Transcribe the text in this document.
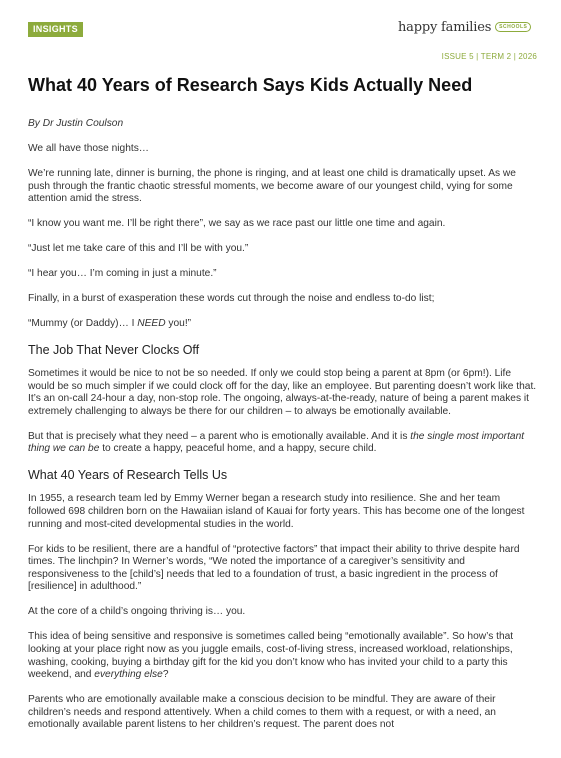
INSIGHTS	happy families	SCHOOLS
ISSUE 5 | TERM 2 | 2026
What 40 Years of Research Says Kids Actually Need

By Dr Justin Coulson

We all have those nights…

We’re running late, dinner is burning, the phone is ringing, and at least one child is dramatically upset. As we push through the frantic chaotic stressful moments, we become aware of our youngest child, vying for some attention amid the stress.

“I know you want me. I’ll be right there”, we say as we race past our little one time and again.

“Just let me take care of this and I’ll be with you.”

“I hear you… I’m coming in just a minute.”

Finally, in a burst of exasperation these words cut through the noise and endless to-do list;

“Mummy (or Daddy)… I NEED you!”

The Job That Never Clocks Off

Sometimes it would be nice to not be so needed. If only we could stop being a parent at 8pm (or 6pm!). Life would be so much simpler if we could clock off for the day, like an employee. But parenting doesn’t work like that. It’s an on-call 24-hour a day, non-stop role. The ongoing, always-at-the-ready, nature of being a parent makes it extremely challenging to always be there for our children – to always be emotionally available.

But that is precisely what they need – a parent who is emotionally available. And it is the single most important thing we can be to create a happy, peaceful home, and a happy, secure child.

What 40 Years of Research Tells Us

In 1955, a research team led by Emmy Werner began a research study into resilience. She and her team followed 698 children born on the Hawaiian island of Kauai for forty years. This has become one of the longest running and most-cited developmental studies in the world.

For kids to be resilient, there are a handful of “protective factors” that impact their ability to thrive despite hard times. The linchpin? In Werner’s words, “We noted the importance of a caregiver’s sensitivity and responsiveness to the [child’s] needs that led to a foundation of trust, a basic ingredient in the process of [resilience] in adulthood.”

At the core of a child’s ongoing thriving is… you.

This idea of being sensitive and responsive is sometimes called being “emotionally available”. So how’s that looking at your place right now as you juggle emails, cost-of-living stress, increased workload, relationships, washing, cooking, buying a birthday gift for the kid you don’t know who has invited your child to a party this weekend, and everything else?

Parents who are emotionally available make a conscious decision to be mindful. They are aware of their children’s needs and respond attentively. When a child comes to them with a request, or with a need, an emotionally available parent listens to her children’s request. The parent does not
